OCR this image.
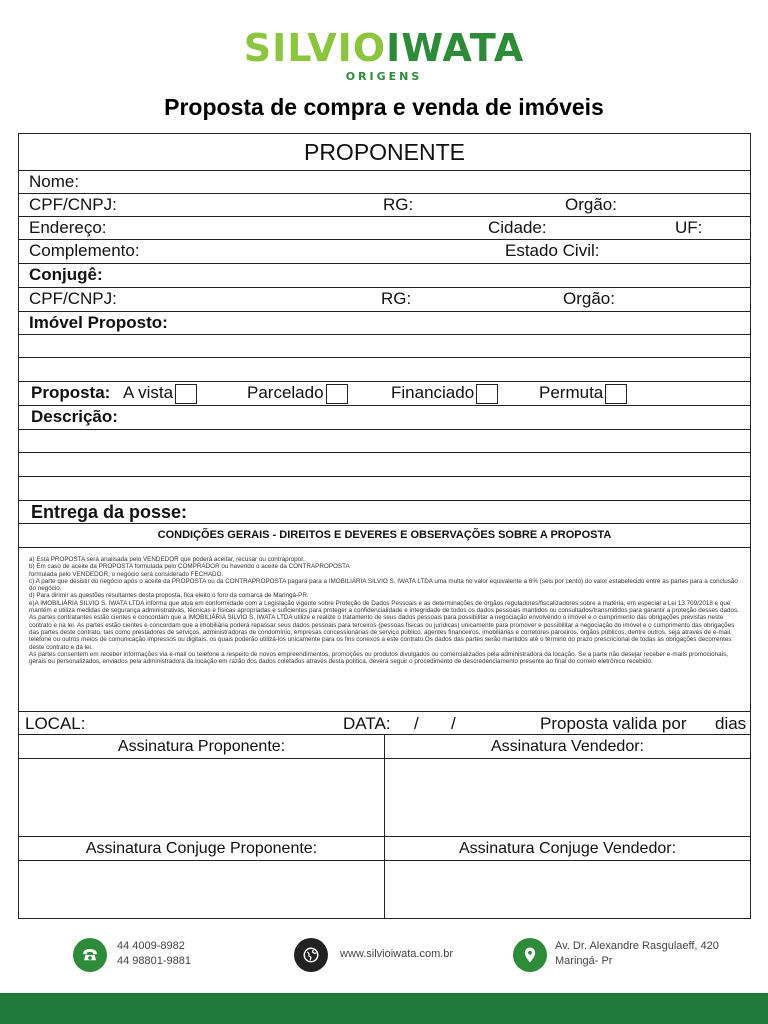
SILVIOIWATA
ORIGENS
Proposta de compra e venda de imóveis
PROPONENTE
Nome:
CPF/CNPJ:	RG:	Orgão:
Endereço:	Cidade:	UF:
Complemento:	Estado Civil:
Conjugê:
CPF/CNPJ:	RG:	Orgão:
Imóvel Proposto:
Proposta: A vista	Parcelado	Financiado	Permuta
Descrição:
Entrega da posse:
CONDIÇÕES GERAIS - DIREITOS E DEVERES E OBSERVAÇÕES SOBRE A PROPOSTA

a) Esta PROPOSTA será analisada pelo VENDEDOR que poderá aceitar, recusar ou contrapropor.

b) Em caso de aceite da PROPOSTA formulada pelo COMPRADOR ou havendo o aceite da CONTRAPROPOSTA

formulada pelo VENDEDOR, o negócio será considerado FECHADO.

c) A parte que desistir do negócio após o aceite da PROPOSTA ou da CONTRAPROPOSTA pagará para a IMOBILIÁRIA SILVIO S. IWATA LTDA uma multa no valor equivalente a 6% (seis por cento) do valor estabelecido entre as partes para a conclusão do negócio.

d) Para dirimir as questões resultantes desta proposta, fica eleito o foro da comarca de Maringá-PR.

e)A IMOBILIÁRIA SILVIO S. IWATA LTDA informa que atua em conformidade com a Legislação vigente sobre Proteção de Dados Pessoais e as determinações de órgãos reguladores/fiscalizadores sobre a matéria, em especial a Lei 13.709/2018 e que mantém e utiliza medidas de segurança administrativas, técnicas e físicas apropriadas e suficientes para proteger a confidencialidade e integridade de todos os dados pessoais mantidos ou consultados/transmitidos para garantir a proteção desses dados.

As partes contratantes estão cientes e concordam que a IMOBILIÁRIA SILVIO S. IWATA LTDA utilize e realize o tratamento de seus dados pessoais para possibilitar a negociação envolvendo o imóvel e o cumprimento das obrigações previstas neste contrato e na lei. As partes estão cientes e concordam que a imobiliária poderá repassar seus dados pessoais para terceiros (pessoas físicas ou jurídicas) unicamente para promover e possibilitar a negociação do imóvel e o cumprimento das obrigações das partes deste contrato, tais como prestadores de serviços, administradoras de condomínio, empresas concessionárias de serviço público, agentes financeiros, imobiliárias e corretores parceiros, órgãos públicos, dentre outros, seja através de e-mail, telefone ou outros meios de comunicação impressos ou digitais, os quais poderão utilizá-los unicamente para os fins conexos a este contrato.Os dados das partes serão mantidos até o término do prazo prescricional de todas as obrigações decorrentes deste contrato e da lei.

As partes consentem em receber informações via e-mail ou telefone a respeito de novos empreendimentos, promoções ou produtos divulgados ou comercializados pela administradora da locação. Se a parte não desejar receber e-mails promocionais, gerais ou personalizados, enviados pela administradora da locação em razão dos dados coletados através desta política, deverá seguir o procedimento de descredenciamento presente ao final do correio eletrônico recebido.

LOCAL:	DATA: / /	Proposta valida por dias
Assinatura Proponente:	Assinatura Vendedor:
Assinatura Conjuge Proponente:	Assinatura Conjuge Vendedor:
44 4009-8982
44 98801-9881
www.silvioiwata.com.br
Av. Dr. Alexandre Rasgulaeff, 420
Maringá- Pr
